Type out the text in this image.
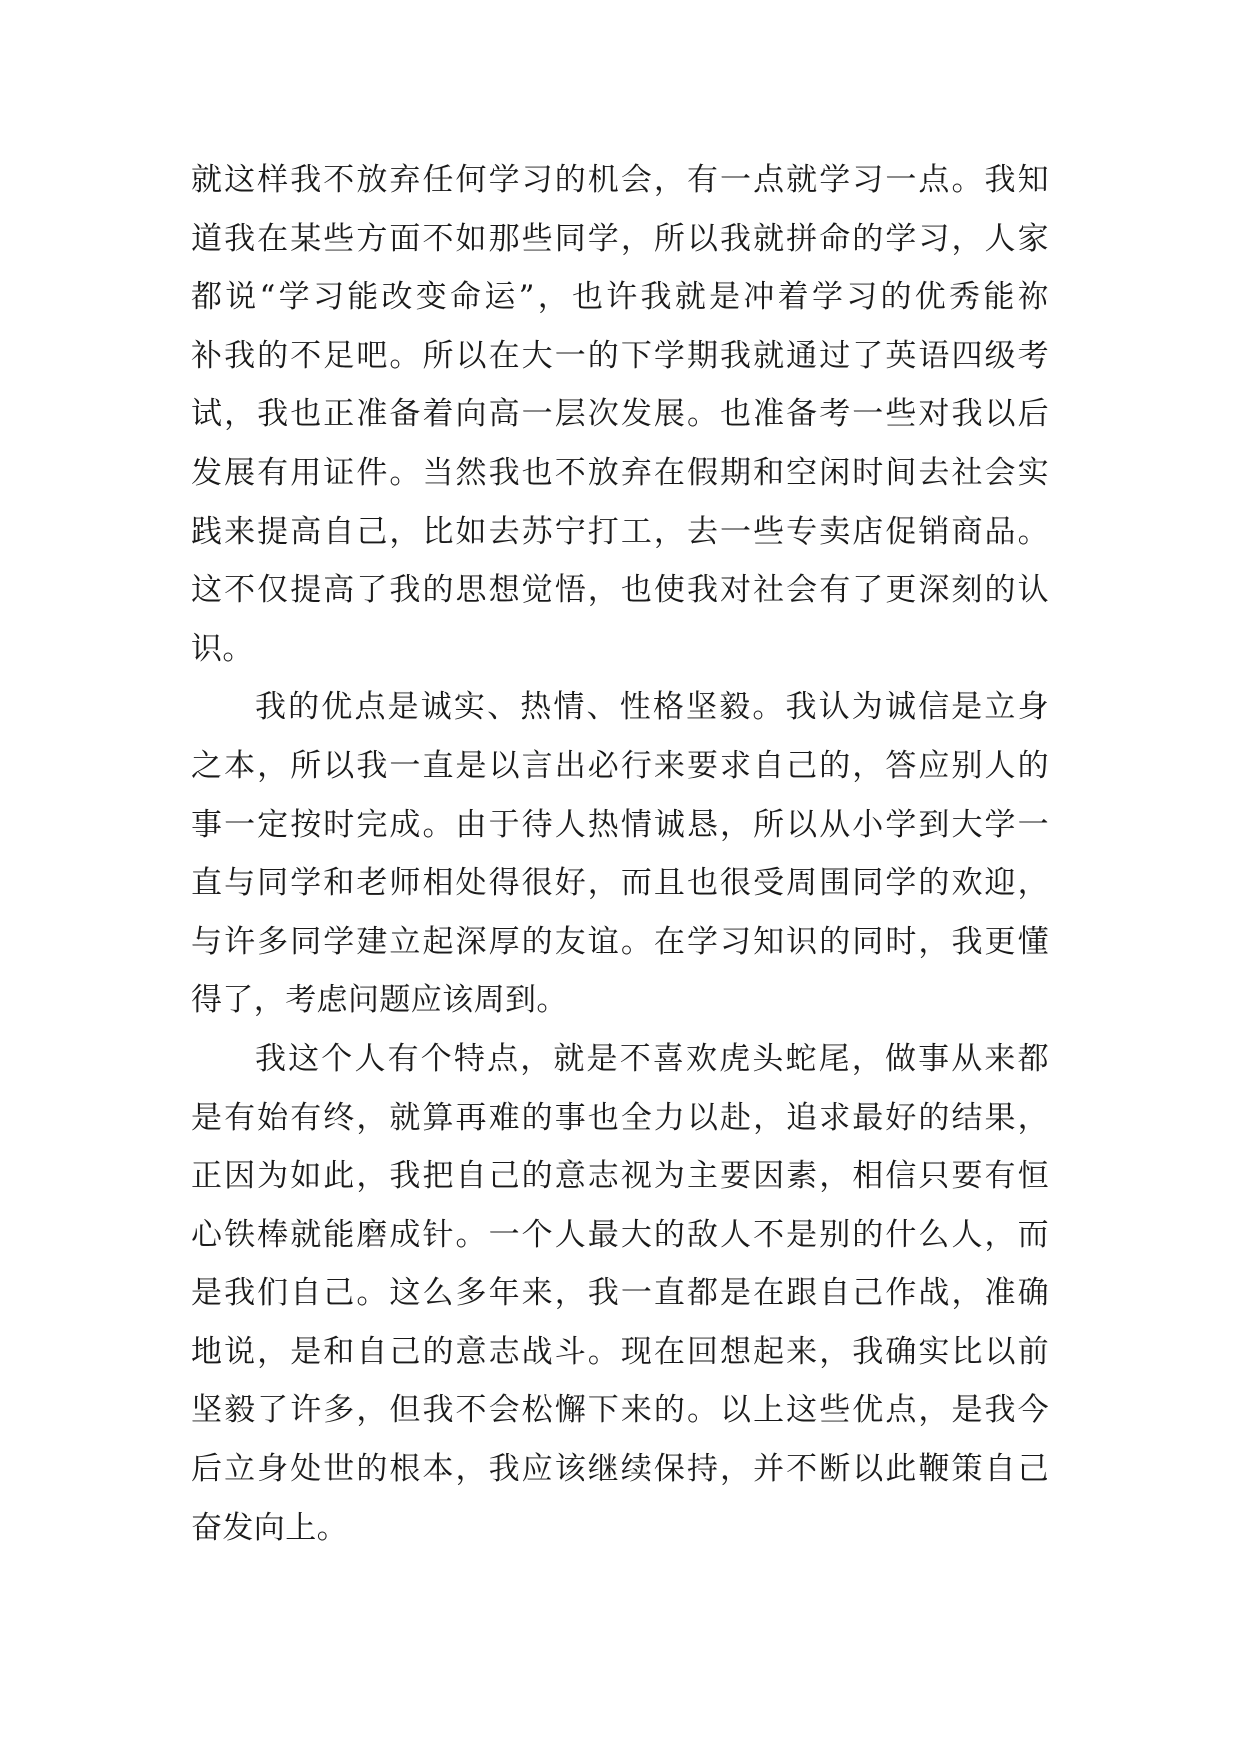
就这样我不放弃任何学习的机会，有一点就学习一点。我知
道我在某些方面不如那些同学，所以我就拼命的学习，人家
都说“学习能改变命运”，也许我就是冲着学习的优秀能祢
补我的不足吧。所以在大一的下学期我就通过了英语四级考
试，我也正准备着向高一层次发展。也准备考一些对我以后
发展有用证件。当然我也不放弃在假期和空闲时间去社会实
践来提高自己，比如去苏宁打工，去一些专卖店促销商品。
这不仅提高了我的思想觉悟，也使我对社会有了更深刻的认
识。
我的优点是诚实、热情、性格坚毅。我认为诚信是立身
之本，所以我一直是以言出必行来要求自己的，答应别人的
事一定按时完成。由于待人热情诚恳，所以从小学到大学一
直与同学和老师相处得很好，而且也很受周围同学的欢迎，
与许多同学建立起深厚的友谊。在学习知识的同时，我更懂
得了，考虑问题应该周到。
我这个人有个特点，就是不喜欢虎头蛇尾，做事从来都
是有始有终，就算再难的事也全力以赴，追求最好的结果，
正因为如此，我把自己的意志视为主要因素，相信只要有恒
心铁棒就能磨成针。一个人最大的敌人不是别的什么人，而
是我们自己。这么多年来，我一直都是在跟自己作战，准确
地说，是和自己的意志战斗。现在回想起来，我确实比以前
坚毅了许多，但我不会松懈下来的。以上这些优点，是我今
后立身处世的根本，我应该继续保持，并不断以此鞭策自己
奋发向上。
